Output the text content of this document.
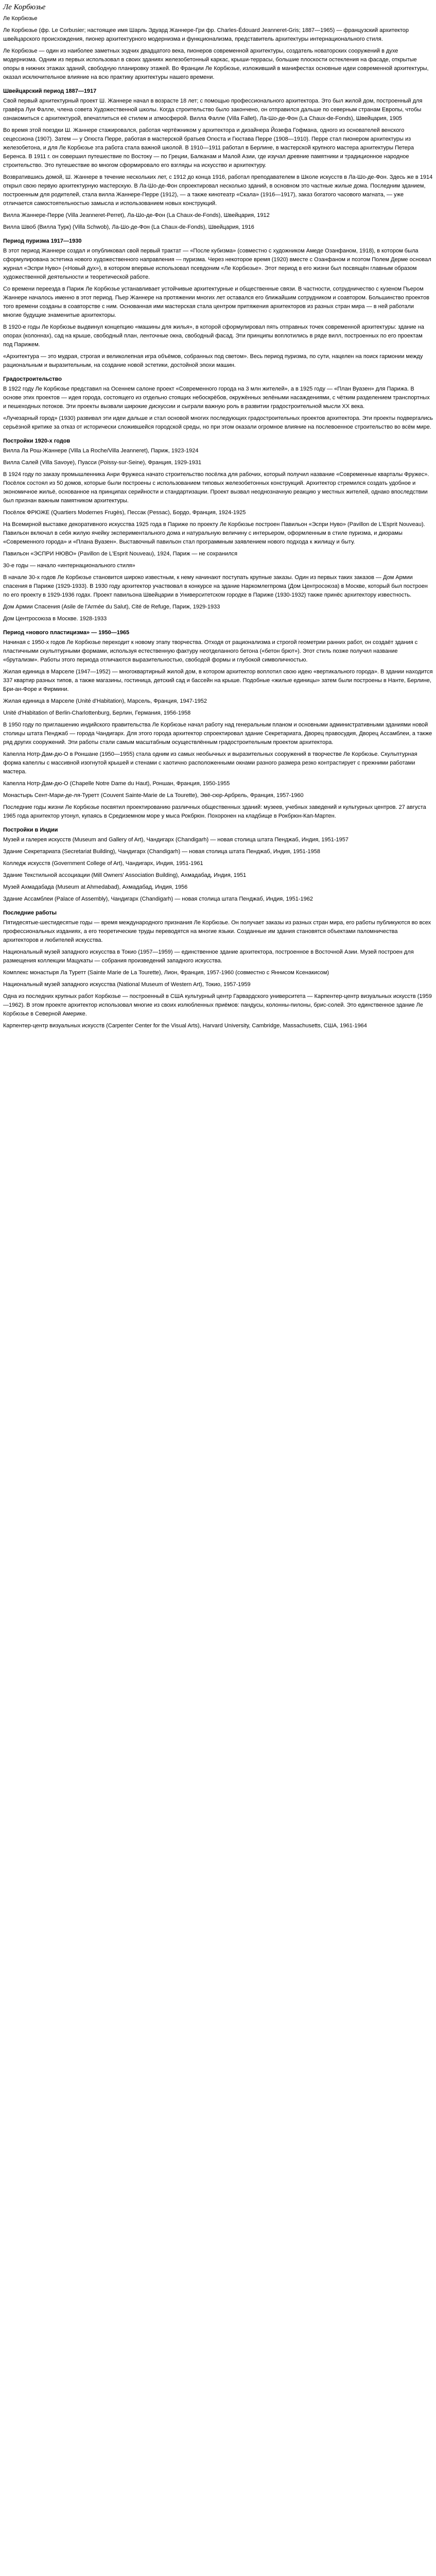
Ле Корбюзье
Ле Корбюзье

Ле Корбюзье (фр. Le Corbusier; настоящее имя Шарль Эдуард Жаннере-Гри фр. Charles-Édouard Jeanneret-Gris; 1887—1965) — французский архитектор швейцарского происхождения, пионер архитектурного модернизма и функционализма, представитель архитектуры интернационального стиля.

Ле Корбюзье — один из наиболее заметных зодчих двадцатого века, пионеров современной архитектуры, создатель новаторских сооружений в духе модернизма. Одним из первых использовал в своих зданиях железобетонный каркас, крыши-террасы, большие плоскости остекления на фасаде, открытые опоры в нижних этажах зданий, свободную планировку этажей. Во Франции Ле Корбюзье, изложивший в манифестах основные идеи современной архитектуры, оказал исключительное влияние на всю практику архитектуры нашего времени.

Швейцарский период 1887—1917

Свой первый архитектурный проект Ш. Жаннере начал в возрасте 18 лет; с помощью профессионального архитектора. Это был жилой дом, построенный для гравёра Луи Фалле, члена совета Художественной школы. Когда строительство было закончено, он отправился дальше по северным странам Европы, чтобы ознакомиться с архитектурой, впечатлиться её стилем и атмосферой. Вилла Фалле (Villa Fallet), Ла-Шо-де-Фон (La Chaux-de-Fonds), Швейцария, 1905

Во время этой поездки Ш. Жаннере стажировался, работая чертёжником у архитектора и дизайнера Йозефа Гофмана, одного из основателей венского сецессиона (1907). Затем — у Огюста Перре, работая в мастерской братьев Огюста и Гюстава Перре (1908—1910). Перре стал пионером архитектуры из железобетона, и для Ле Корбюзье эта работа стала важной школой. В 1910—1911 работал в Берлине, в мастерской крупного мастера архитектуры Петера Беренса. В 1911 г. он совершил путешествие по Востоку — по Греции, Балканам и Малой Азии, где изучал древние памятники и традиционное народное строительство. Это путешествие во многом сформировало его взгляды на искусство и архитектуру.

Возвратившись домой, Ш. Жаннере в течение нескольких лет, с 1912 до конца 1916, работал преподавателем в Школе искусств в Ла-Шо-де-Фон. Здесь же в 1914 открыл свою первую архитектурную мастерскую. В Ла-Шо-де-Фон спроектировал несколько зданий, в основном это частные жилые дома. Последним зданием, построенным для родителей, стала вилла Жаннере-Перре (1912), — а также кинотеатр «Скала» (1916—1917), заказ богатого часового магната, — уже отличается самостоятельностью замысла и использованием новых конструкций.

Вилла Жаннере-Перре (Villa Jeanneret-Perret), Ла-Шо-де-Фон (La Chaux-de-Fonds), Швейцария, 1912

Вилла Швоб (Вилла Турк) (Villa Schwob), Ла-Шо-де-Фон (La Chaux-de-Fonds), Швейцария, 1916

Период пуризма 1917—1930

В этот период Жаннере создал и опубликовал свой первый трактат — «После кубизма» (совместно с художником Амеде Озанфаном, 1918), в котором была сформулирована эстетика нового художественного направления — пуризма. Через некоторое время (1920) вместе с Озанфаном и поэтом Полем Дерме основал журнал «Эспри Нуво» («Новый дух»), в котором впервые использовал псевдоним «Ле Корбюзье». Этот период в его жизни был посвящён главным образом художественной деятельности и теоретической работе.

Со времени переезда в Париж Ле Корбюзье устанавливает устойчивые архитектурные и общественные связи. В частности, сотрудничество с кузеном Пьером Жаннере началось именно в этот период. Пьер Жаннере на протяжении многих лет оставался его ближайшим сотрудником и соавтором. Большинство проектов того времени созданы в соавторстве с ним. Основанная ими мастерская стала центром притяжения архитекторов из разных стран мира — в ней работали многие будущие знаменитые архитекторы.

В 1920-е годы Ле Корбюзье выдвинул концепцию «машины для жилья», в которой сформулировал пять отправных точек современной архитектуры: здание на опорах (колоннах), сад на крыше, свободный план, ленточные окна, свободный фасад. Эти принципы воплотились в ряде вилл, построенных по его проектам под Парижем.

«Архитектура — это мудрая, строгая и великолепная игра объёмов, собранных под светом». Весь период пуризма, по сути, нацелен на поиск гармонии между рациональным и выразительным, на создание новой эстетики, достойной эпохи машин.

Градостроительство

В 1922 году Ле Корбюзье представил на Осеннем салоне проект «Современного города на 3 млн жителей», а в 1925 году — «План Вуазен» для Парижа. В основе этих проектов — идея города, состоящего из отдельно стоящих небоскрёбов, окружённых зелёными насаждениями, с чётким разделением транспортных и пешеходных потоков. Эти проекты вызвали широкие дискуссии и сыграли важную роль в развитии градостроительной мысли XX века.

«Лучезарный город» (1930) развивал эти идеи дальше и стал основой многих последующих градостроительных проектов архитектора. Эти проекты подвергались серьёзной критике за отказ от исторически сложившейся городской среды, но при этом оказали огромное влияние на послевоенное строительство во всём мире.

Постройки 1920-х годов

Вилла Ла Рош-Жаннере (Villa La Roche/Villa Jeanneret), Париж, 1923-1924

Вилла Салей (Villa Savoye), Пуасси (Poissy-sur-Seine), Франция, 1929-1931

В 1924 году по заказу промышленника Анри Фружеса начато строительство посёлка для рабочих, который получил название «Современные кварталы Фружес». Посёлок состоял из 50 домов, которые были построены с использованием типовых железобетонных конструкций. Архитектор стремился создать удобное и экономичное жильё, основанное на принципах серийности и стандартизации. Проект вызвал неоднозначную реакцию у местных жителей, однако впоследствии был признан важным памятником архитектуры.

Посёлок ФРЮЖЕ (Quartiers Modernes Frugès), Пессак (Pessac), Бордо, Франция, 1924-1925

На Всемирной выставке декоративного искусства 1925 года в Париже по проекту Ле Корбюзье построен Павильон «Эспри Нуво» (Pavillon de L'Esprit Nouveau). Павильон включал в себя жилую ячейку экспериментального дома и натуральную величину с интерьером, оформленным в стиле пуризма, и диорамы «Современного города» и «Плана Вуазен». Выставочный павильон стал программным заявлением нового подхода к жилищу и быту.

Павильон «ЭСПРИ НЮВО» (Pavillon de L'Esprit Nouveau), 1924, Париж — не сохранился

30-е годы — начало «интернационального стиля»

В начале 30-х годов Ле Корбюзье становится широко известным, к нему начинают поступать крупные заказы. Один из первых таких заказов — Дом Армии спасения в Париже (1929-1933). В 1930 году архитектор участвовал в конкурсе на здание Наркомлегпрома (Дом Центросоюза) в Москве, который был построен по его проекту в 1929-1936 годах. Проект павильона Швейцарии в Университетском городке в Париже (1930-1932) также принёс архитектору известность.

Дом Армии Спасения (Asile de l'Armée du Salut), Cité de Refuge, Париж, 1929-1933

Дом Центросоюза в Москве. 1928-1933

Период «нового пластицизма» — 1950—1965

Начиная с 1950-х годов Ле Корбюзье переходит к новому этапу творчества. Отходя от рационализма и строгой геометрии ранних работ, он создаёт здания с пластичными скульптурными формами, используя естественную фактуру неотделанного бетона («бетон брют»). Этот стиль позже получил название «брутализм». Работы этого периода отличаются выразительностью, свободой формы и глубокой символичностью.

Жилая единица в Марселе (1947—1952) — многоквартирный жилой дом, в котором архитектор воплотил свою идею «вертикального города». В здании находится 337 квартир разных типов, а также магазины, гостиница, детский сад и бассейн на крыше. Подобные «жилые единицы» затем были построены в Нанте, Берлине, Бри-ан-Форе и Фирмини.

Жилая единица в Марселе (Unité d'Habitation), Марсель, Франция, 1947-1952

Unité d'Habitation of Berlin-Charlottenburg, Берлин, Германия, 1956-1958

В 1950 году по приглашению индийского правительства Ле Корбюзье начал работу над генеральным планом и основными административными зданиями новой столицы штата Пенджаб — города Чандигарх. Для этого города архитектор спроектировал здание Секретариата, Дворец правосудия, Дворец Ассамблеи, а также ряд других сооружений. Эти работы стали самым масштабным осуществлённым градостроительным проектом архитектора.

Капелла Нотр-Дам-дю-О в Роншане (1950—1955) стала одним из самых необычных и выразительных сооружений в творчестве Ле Корбюзье. Скульптурная форма капеллы с массивной изогнутой крышей и стенами с хаотично расположенными окнами разного размера резко контрастирует с прежними работами мастера.

Капелла Нотр-Дам-дю-О (Chapelle Notre Dame du Haut), Роншан, Франция, 1950-1955

Монастырь Сент-Мари-де-ля-Туретт (Couvent Sainte-Marie de La Tourette), Эвё-сюр-Арбрель, Франция, 1957-1960

Последние годы жизни Ле Корбюзье посвятил проектированию различных общественных зданий: музеев, учебных заведений и культурных центров. 27 августа 1965 года архитектор утонул, купаясь в Средиземном море у мыса Рокбрюн. Похоронен на кладбище в Рокбрюн-Кап-Мартен.

Постройки в Индии

Музей и галерея искусств (Museum and Gallery of Art), Чандигарх (Chandigarh) — новая столица штата Пенджаб, Индия, 1951-1957

Здание Секретариата (Secretariat Building), Чандигарх (Chandigarh) — новая столица штата Пенджаб, Индия, 1951-1958

Колледж искусств (Government College of Art), Чандигарх, Индия, 1951-1961

Здание Текстильной ассоциации (Mill Owners' Association Building), Ахмадабад, Индия, 1951

Музей Ахмадабада (Museum at Ahmedabad), Ахмадабад, Индия, 1956

Здание Ассамблеи (Palace of Assembly), Чандигарх (Chandigarh) — новая столица штата Пенджаб, Индия, 1951-1962

Последние работы

Пятидесятые-шестидесятые годы — время международного признания Ле Корбюзье. Он получает заказы из разных стран мира, его работы публикуются во всех профессиональных изданиях, а его теоретические труды переводятся на многие языки. Созданные им здания становятся объектами паломничества архитекторов и любителей искусства.

Национальный музей западного искусства в Токио (1957—1959) — единственное здание архитектора, построенное в Восточной Азии. Музей построен для размещения коллекции Мацукаты — собрания произведений западного искусства.

Комплекс монастыря Ла Туретт (Sainte Marie de La Tourette), Лион, Франция, 1957-1960 (совместно с Яннисом Ксенакисом)

Национальный музей западного искусства (National Museum of Western Art), Токио, 1957-1959

Одна из последних крупных работ Корбюзье — построенный в США культурный центр Гарвардского университета — Карпентер-центр визуальных искусств (1959—1962). В этом проекте архитектор использовал многие из своих излюбленных приёмов: пандусы, колонны-пилоны, брис-солей. Это единственное здание Ле Корбюзье в Северной Америке.

Карпентер-центр визуальных искусств (Carpenter Center for the Visual Arts), Harvard University, Cambridge, Massachusetts, США, 1961-1964
